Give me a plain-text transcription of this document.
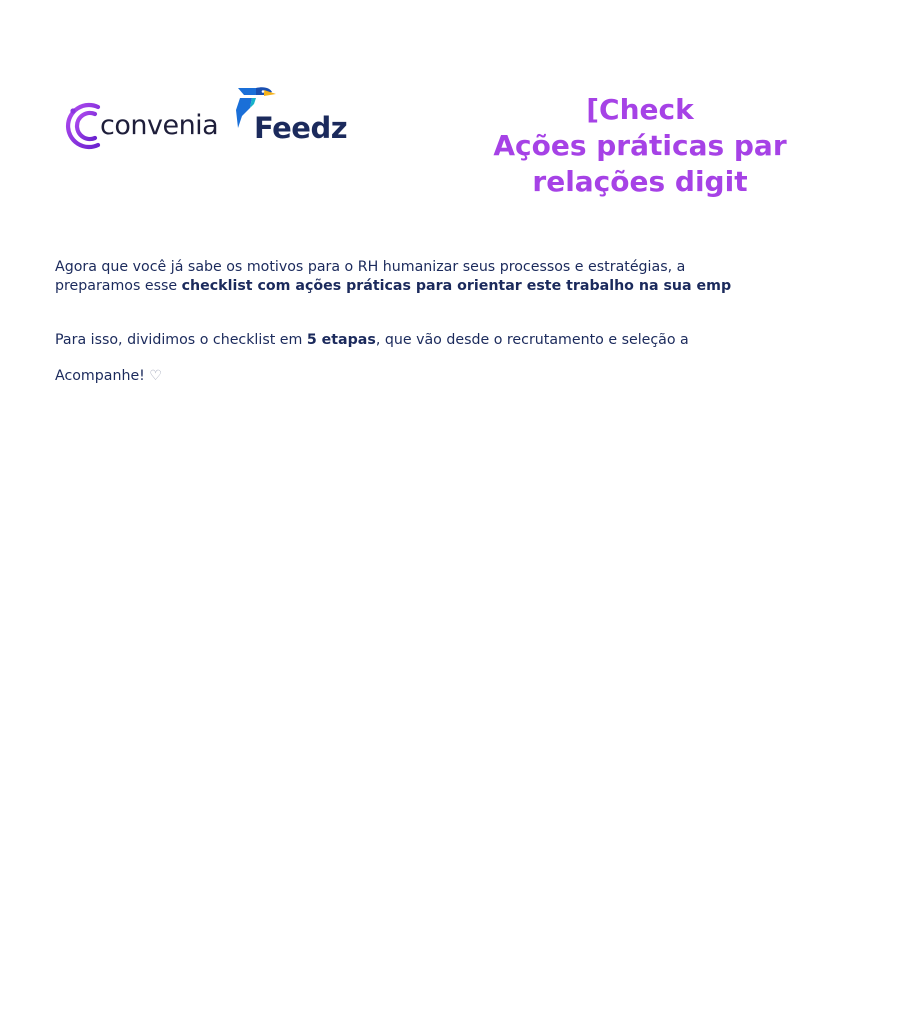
convenia Feedz
[Check
Ações práticas par
relações digit
Agora que você já sabe os motivos para o RH humanizar seus processos e estratégias, a
preparamos esse checklist com ações práticas para orientar este trabalho na sua emp
Para isso, dividimos o checklist em 5 etapas, que vão desde o recrutamento e seleção a
Acompanhe! ♡
